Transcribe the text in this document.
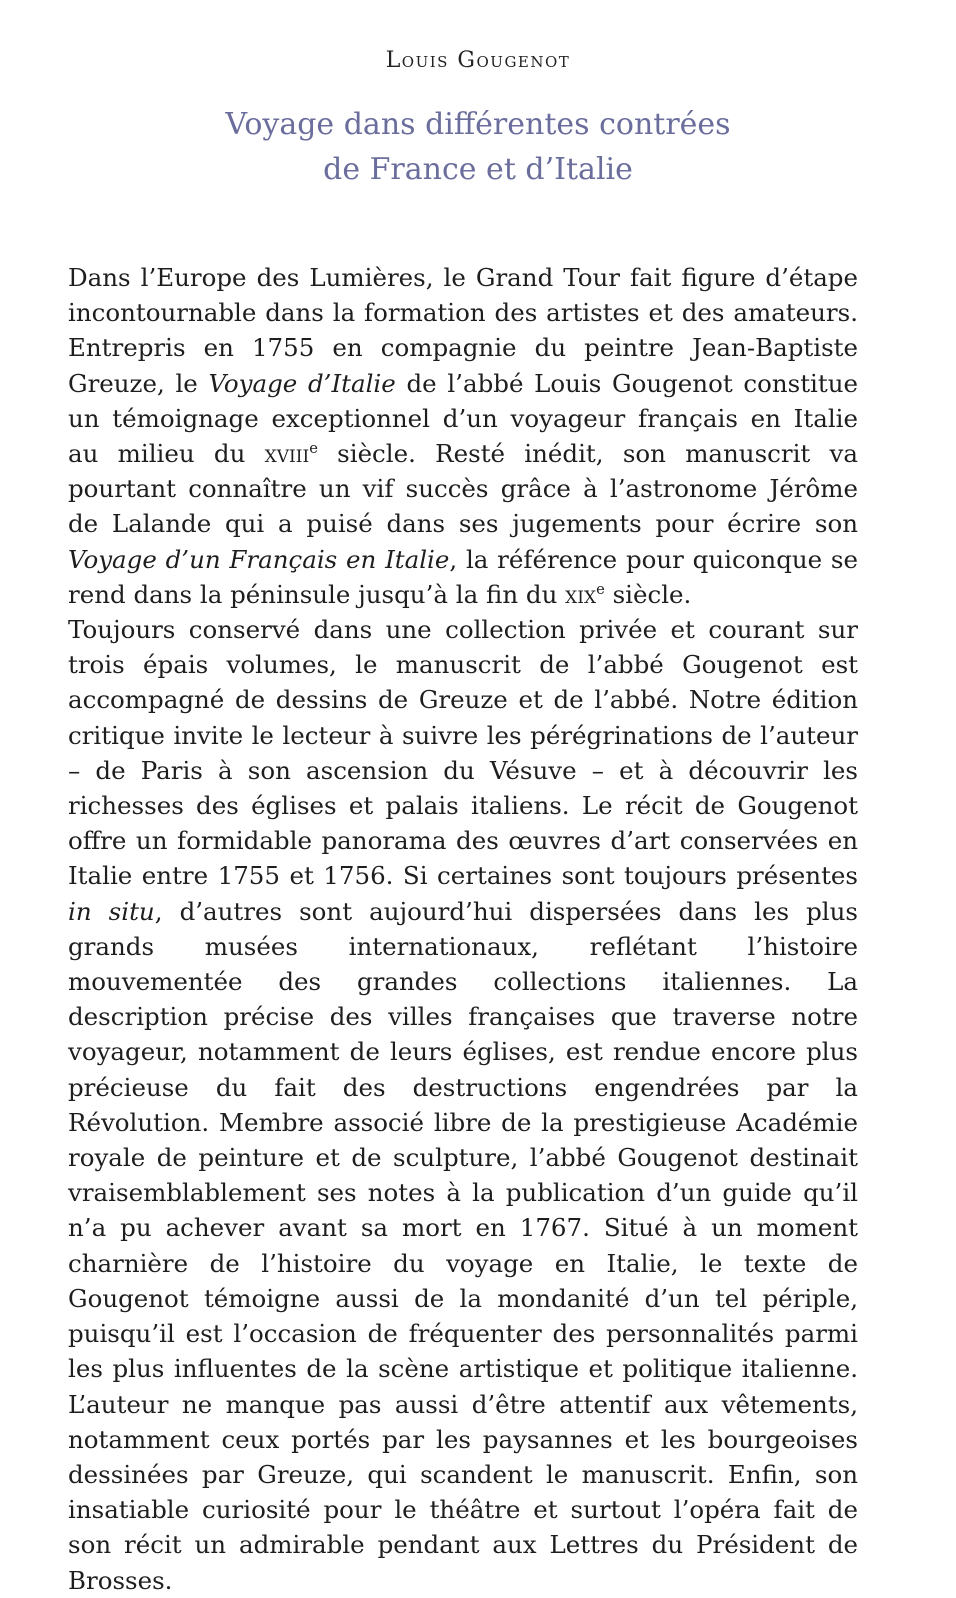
Louis Gougenot
Voyage dans différentes contrées
de France et d’Italie

Dans l’Europe des Lumières, le Grand Tour fait figure d’étape incontournable dans la formation des artistes et des amateurs. Entrepris en 1755 en compagnie du peintre Jean-Baptiste Greuze, le Voyage d’Italie de l’abbé Louis Gougenot constitue un témoignage exceptionnel d’un voyageur français en Italie au milieu du xviii$^e$ siècle. Resté inédit, son manuscrit va pourtant connaître un vif succès grâce à l’astronome Jérôme de Lalande qui a puisé dans ses jugements pour écrire son Voyage d’un Français en Italie, la référence pour quiconque se rend dans la péninsule jusqu’à la fin du xix$^e$ siècle.

Toujours conservé dans une collection privée et courant sur trois épais volumes, le manuscrit de l’abbé Gougenot est accompagné de dessins de Greuze et de l’abbé. Notre édition critique invite le lecteur à suivre les pérégrinations de l’auteur – de Paris à son ascension du Vésuve – et à découvrir les richesses des églises et palais italiens. Le récit de Gougenot offre un formidable panorama des œuvres d’art conservées en Italie entre 1755 et 1756. Si certaines sont toujours présentes in situ, d’autres sont aujourd’hui dispersées dans les plus grands musées internationaux, reflétant l’histoire mouvementée des grandes collections italiennes. La description précise des villes françaises que traverse notre voyageur, notamment de leurs églises, est rendue encore plus précieuse du fait des destructions engendrées par la Révolution. Membre associé libre de la prestigieuse Académie royale de peinture et de sculpture, l’abbé Gougenot destinait vraisemblablement ses notes à la publication d’un guide qu’il n’a pu achever avant sa mort en 1767. Situé à un moment charnière de l’histoire du voyage en Italie, le texte de Gougenot témoigne aussi de la mondanité d’un tel périple, puisqu’il est l’occasion de fréquenter des personnalités parmi les plus influentes de la scène artistique et politique italienne. L’auteur ne manque pas aussi d’être attentif aux vêtements, notamment ceux portés par les paysannes et les bourgeoises dessinées par Greuze, qui scandent le manuscrit. Enfin, son insatiable curiosité pour le théâtre et surtout l’opéra fait de son récit un admirable pendant aux Lettres du Président de Brosses.
